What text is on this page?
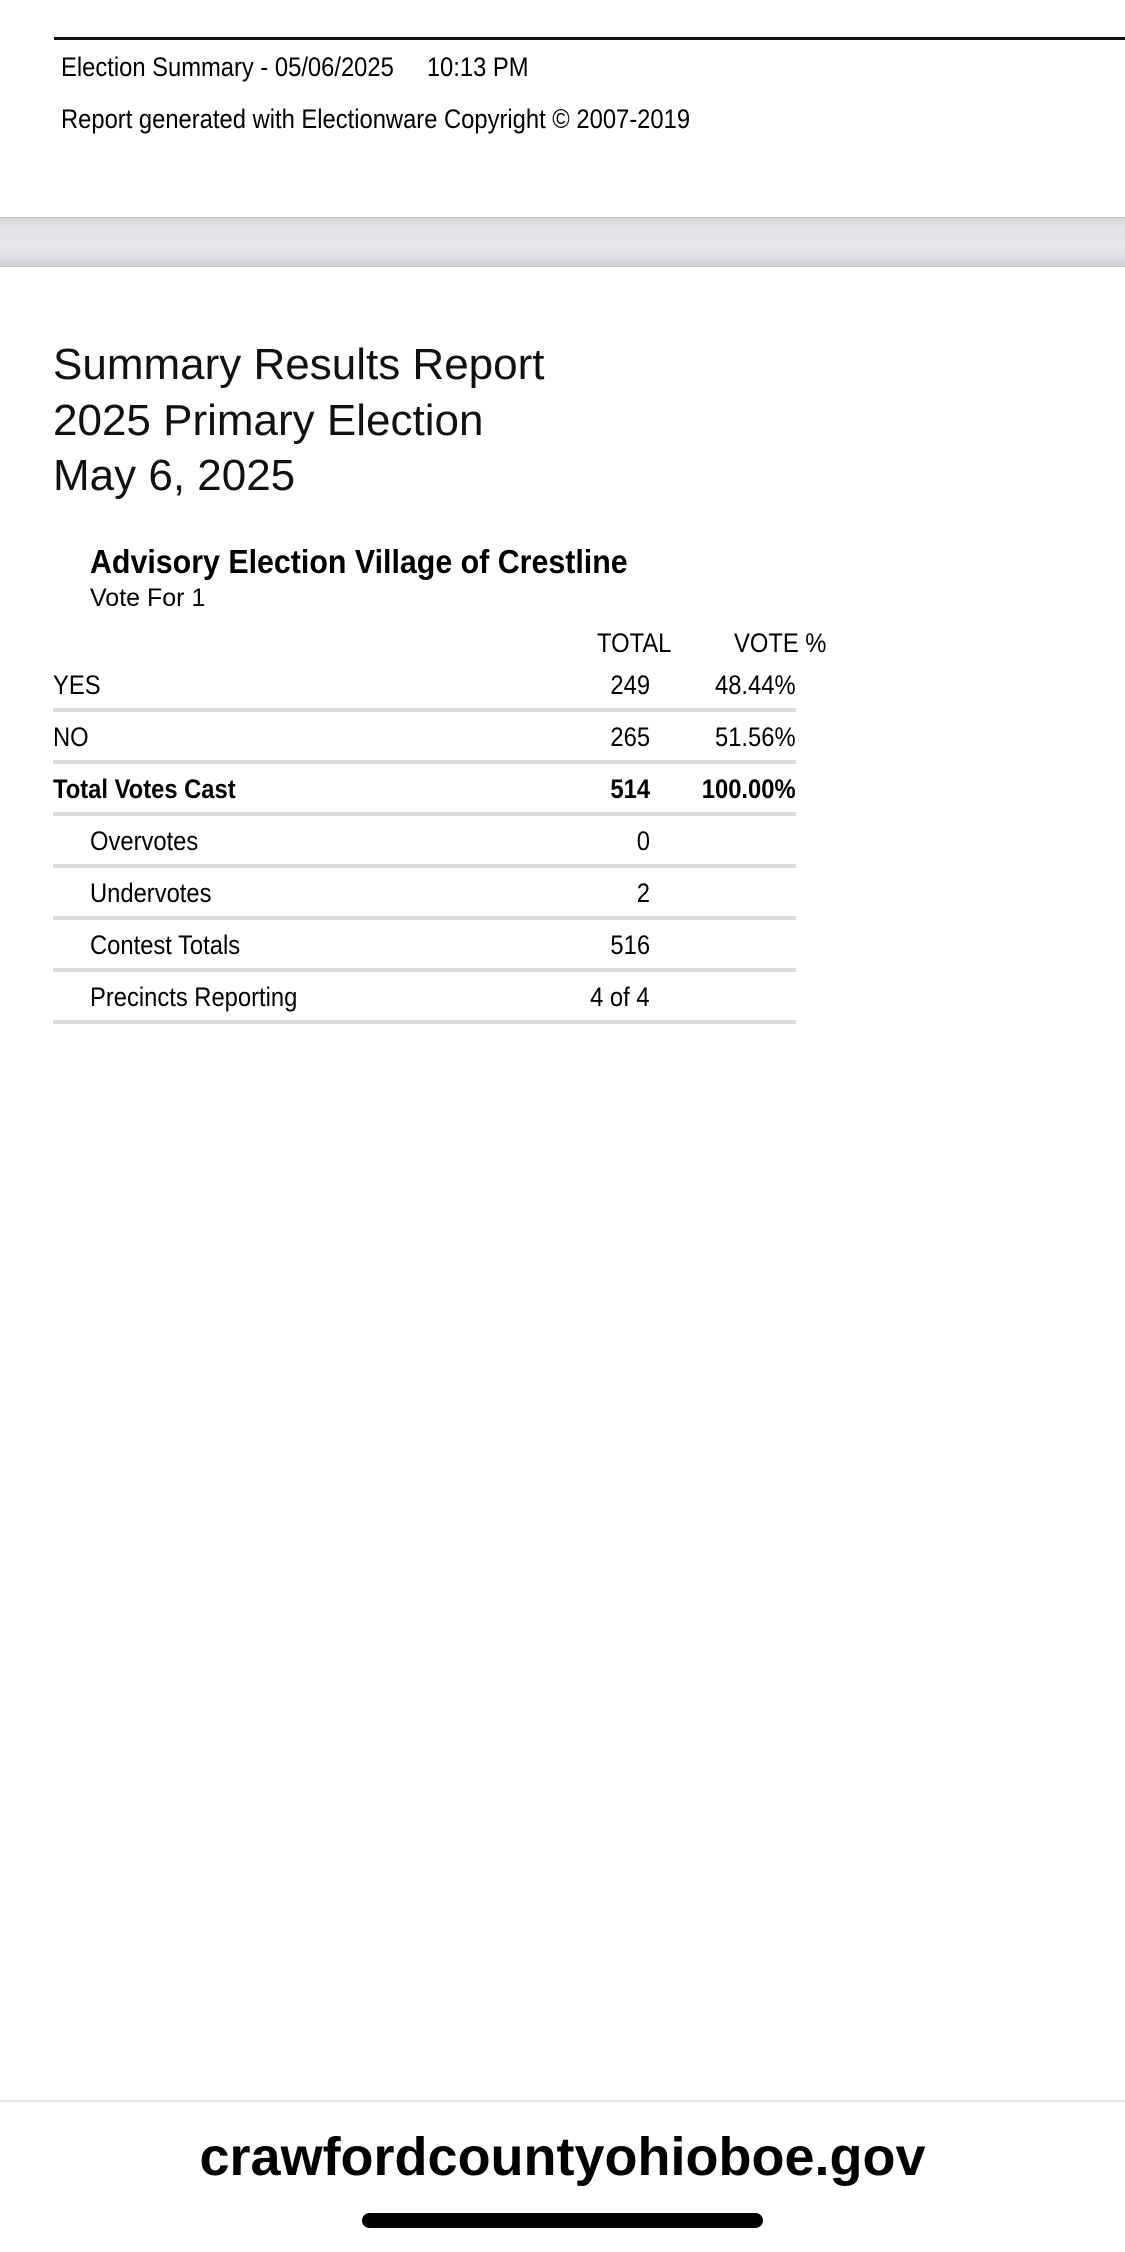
Election Summary - 05/06/2025     10:13 PM
Report generated with Electionware Copyright © 2007-2019
Summary Results Report
2025 Primary Election
May 6, 2025
Advisory Election Village of Crestline
Vote For 1
TOTAL VOTE %
YES	249 48.44%
NO	265 51.56%
Total Votes Cast	514 100.00%
Overvotes	0
Undervotes	2
Contest Totals	516
Precincts Reporting	4 of 4
crawfordcountyohioboe.gov
